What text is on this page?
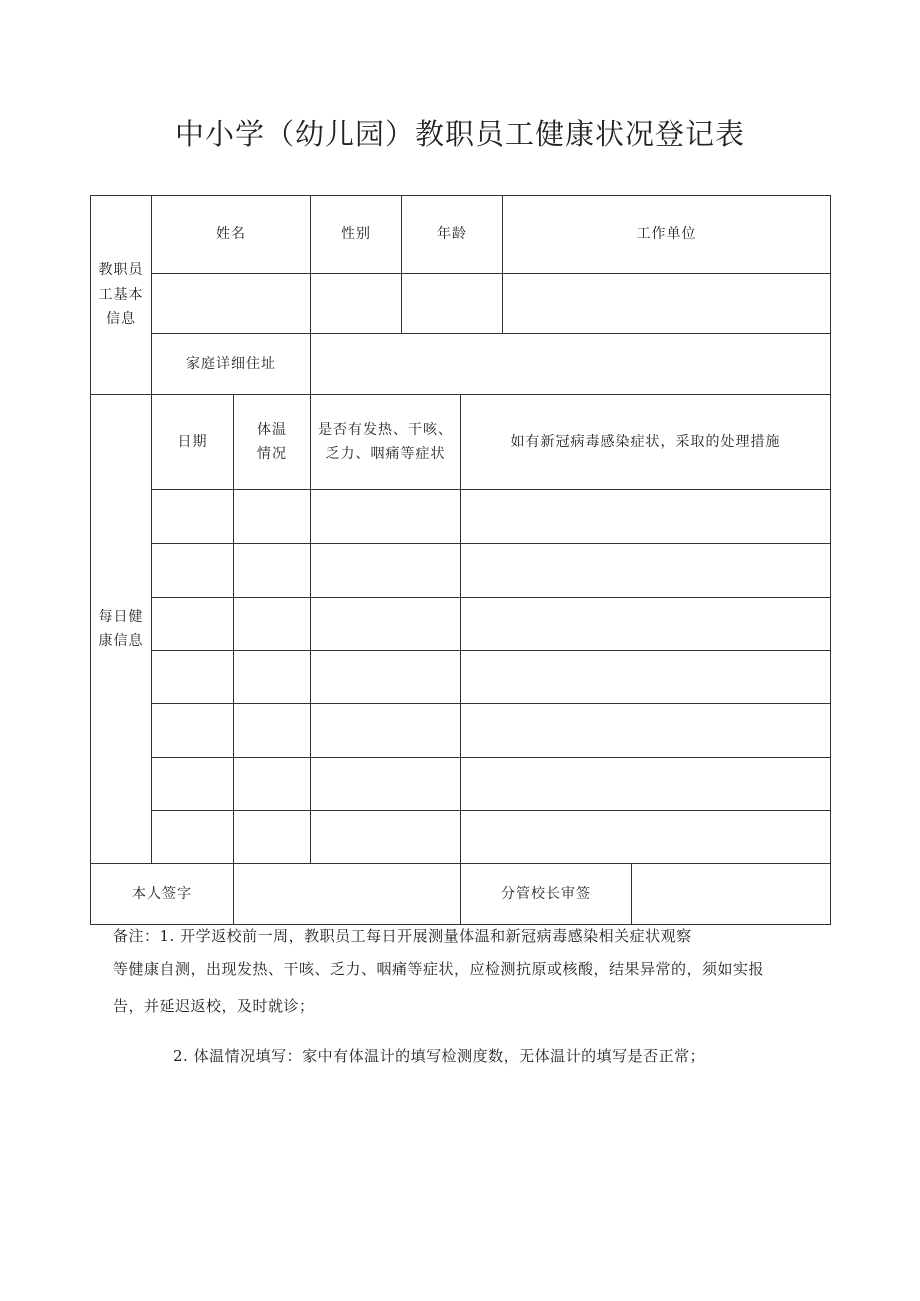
中小学（幼儿园）教职员工健康状况登记表
教职员工基本信息	姓名		性别	年龄		工作单位	

	家庭详细住址						

每日健康信息	日期	体温情况	是否有发热、干咳、乏力、咽痛等症状		如有新冠病毒感染症状，采取的处理措施		

本人签字					分管校长审签		

备注：1. 开学返校前一周，教职员工每日开展测量体温和新冠病毒感染相关症状观察

等健康自测，出现发热、干咳、乏力、咽痛等症状，应检测抗原或核酸，结果异常的，须如实报

告，并延迟返校，及时就诊；

2. 体温情况填写：家中有体温计的填写检测度数，无体温计的填写是否正常；
